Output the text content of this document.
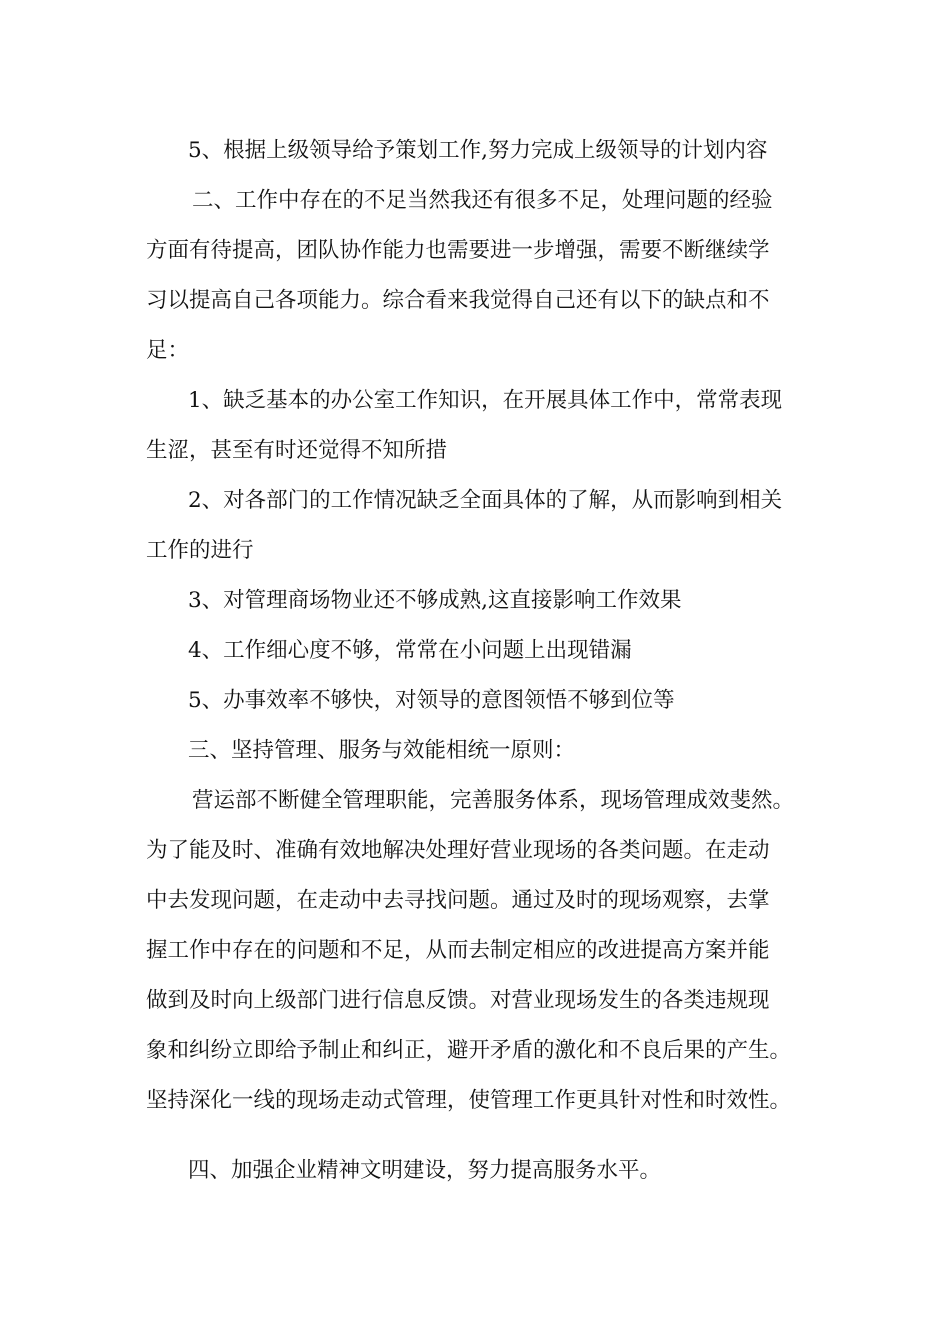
5、根据上级领导给予策划工作,努力完成上级领导的计划内容

二、工作中存在的不足当然我还有很多不足，处理问题的经验
方面有待提高，团队协作能力也需要进一步增强，需要不断继续学
习以提高自己各项能力。综合看来我觉得自己还有以下的缺点和不
足：

1、缺乏基本的办公室工作知识，在开展具体工作中，常常表现
生涩，甚至有时还觉得不知所措

2、对各部门的工作情况缺乏全面具体的了解，从而影响到相关
工作的进行

3、对管理商场物业还不够成熟,这直接影响工作效果

4、工作细心度不够，常常在小问题上出现错漏

5、办事效率不够快，对领导的意图领悟不够到位等

三、坚持管理、服务与效能相统一原则：

营运部不断健全管理职能，完善服务体系，现场管理成效斐然。
为了能及时、准确有效地解决处理好营业现场的各类问题。在走动
中去发现问题，在走动中去寻找问题。通过及时的现场观察，去掌
握工作中存在的问题和不足，从而去制定相应的改进提高方案并能
做到及时向上级部门进行信息反馈。对营业现场发生的各类违规现
象和纠纷立即给予制止和纠正，避开矛盾的激化和不良后果的产生。
坚持深化一线的现场走动式管理，使管理工作更具针对性和时效性。

四、加强企业精神文明建设，努力提高服务水平。
